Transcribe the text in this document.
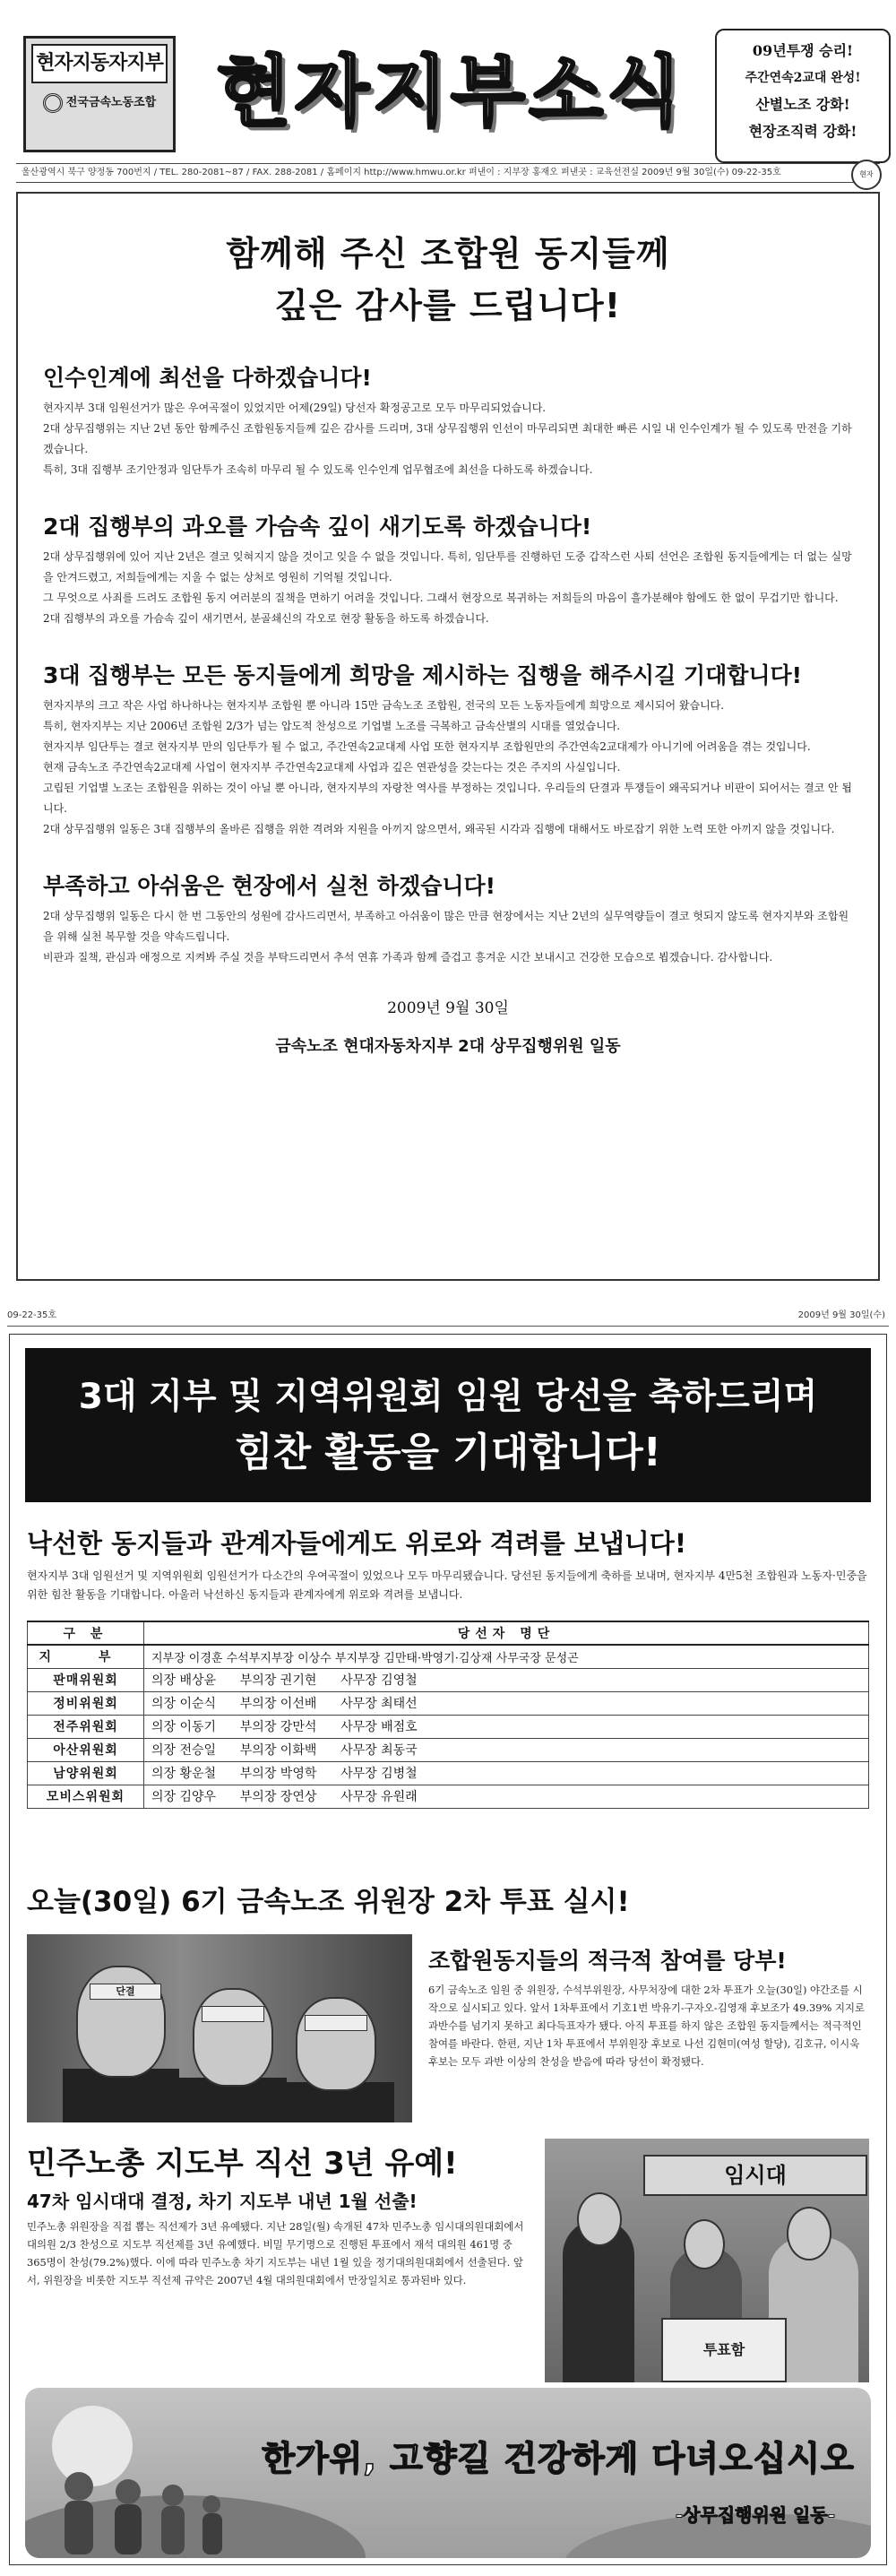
현자지동자지부
전국금속노동조합 현자지부소식	09년투쟁 승리!
주간연속2교대 완성!
산별노조 강화!
현장조직력 강화!
울산광역시 북구 양정동 700번지 / TEL. 280-2081~87 / FAX. 288-2081 / 홈페이지 http://www.hmwu.or.kr 펴낸이 : 지부장 홍재오 펴낸곳 : 교육선전실 2009년 9월 30일(수) 09-22-35호	현자
함께해 주신 조합원 동지들께
깊은 감사를 드립니다!
인수인계에 최선을 다하겠습니다!

현자지부 3대 임원선거가 많은 우여곡절이 있었지만 어제(29일) 당선자 확정공고로 모두 마무리되었습니다.

2대 상무집행위는 지난 2년 동안 함께주신 조합원동지들께 깊은 감사를 드리며, 3대 상무집행위 인선이 마무리되면 최대한 빠른 시일 내 인수인계가 될 수 있도록 만전을 기하겠습니다.

특히, 3대 집행부 조기안정과 임단투가 조속히 마무리 될 수 있도록 인수인계 업무협조에 최선을 다하도록 하겠습니다.

2대 집행부의 과오를 가슴속 깊이 새기도록 하겠습니다!

2대 상무집행위에 있어 지난 2년은 결코 잊혀지지 않을 것이고 잊을 수 없을 것입니다. 특히, 임단투를 진행하던 도중 갑작스런 사퇴 선언은 조합원 동지들에게는 더 없는 실망을 안겨드렸고, 저희들에게는 지울 수 없는 상처로 영원히 기억될 것입니다.

그 무엇으로 사죄를 드려도 조합원 동지 여러분의 질책을 면하기 어려울 것입니다. 그래서 현장으로 복귀하는 저희들의 마음이 흘가분해야 함에도 한 없이 무겁기만 합니다.

2대 집행부의 과오를 가슴속 깊이 새기면서, 분골쇄신의 각오로 현장 활동을 하도록 하겠습니다.

3대 집행부는 모든 동지들에게 희망을 제시하는 집행을 해주시길 기대합니다!

현자지부의 크고 작은 사업 하나하나는 현자지부 조합원 뿐 아니라 15만 금속노조 조합원, 전국의 모든 노동자들에게 희망으로 제시되어 왔습니다.

특히, 현자지부는 지난 2006년 조합원 2/3가 넘는 압도적 찬성으로 기업별 노조를 극복하고 금속산별의 시대를 열었습니다.

현자지부 임단투는 결코 현자지부 만의 임단투가 될 수 없고, 주간연속2교대제 사업 또한 현자지부 조합원만의 주간연속2교대제가 아니기에 어려움을 겪는 것입니다.

현재 금속노조 주간연속2교대제 사업이 현자지부 주간연속2교대제 사업과 깊은 연관성을 갖는다는 것은 주지의 사실입니다.

고립된 기업별 노조는 조합원을 위하는 것이 아닐 뿐 아니라, 현자지부의 자랑찬 역사를 부정하는 것입니다. 우리들의 단결과 투쟁들이 왜곡되거나 비판이 되어서는 결코 안 됩니다.

2대 상무집행위 일동은 3대 집행부의 올바른 집행을 위한 격려와 지원을 아끼지 않으면서, 왜곡된 시각과 집행에 대해서도 바로잡기 위한 노력 또한 아끼지 않을 것입니다.

부족하고 아쉬움은 현장에서 실천 하겠습니다!

2대 상무집행위 일동은 다시 한 번 그동안의 성원에 감사드리면서, 부족하고 아쉬움이 많은 만큼 현장에서는 지난 2년의 실무역량들이 결코 헛되지 않도록 현자지부와 조합원을 위해 실천 복무할 것을 약속드립니다.

비판과 질책, 관심과 애정으로 지켜봐 주실 것을 부탁드리면서 추석 연휴 가족과 함께 즐겁고 흥겨운 시간 보내시고 건강한 모습으로 뵙겠습니다. 감사합니다.

2009년 9월 30일
금속노조 현대자동차지부 2대 상무집행위원 일동
09-22-35호	2009년 9월 30일(수)
3대 지부 및 지역위원회 임원 당선을 축하드리며
힘찬 활동을 기대합니다!
낙선한 동지들과 관계자들에게도 위로와 격려를 보냅니다!
현자지부 3대 임원선거 및 지역위원회 임원선거가 다소간의 우여곡절이 있었으나 모두 마무리됐습니다. 당선된 동지들에게 축하를 보내며, 현자지부 4만5천 조합원과 노동자·민중을 위한 힘찬 활동을 기대합니다. 아울러 낙선하신 동지들과 관계자에게 위로와 격려를 보냅니다.
구 분	당선자 명단
지 부	지부장 이경훈 수석부지부장 이상수 부지부장 김만태·박영기·김상재 사무국장 문성곤
판매위원회	의장 배상윤      부의장 권기현      사무장 김영철
정비위원회	의장 이순식      부의장 이선배      사무장 최태선
전주위원회	의장 이동기      부의장 강만석      사무장 배점호
아산위원회	의장 전승일      부의장 이화백      사무장 최동국
남양위원회	의장 황운철      부의장 박영학      사무장 김병철
모비스위원회	의장 김양우      부의장 장연상      사무장 유원래
오늘(30일) 6기 금속노조 위원장 2차 투표 실시!
단결
조합원동지들의 적극적 참여를 당부!
6기 금속노조 임원 중 위원장, 수석부위원장, 사무처장에 대한 2차 투표가 오늘(30일) 야간조를 시작으로 실시되고 있다. 앞서 1차투표에서 기호1번 박유기-구자오-김영재 후보조가 49.39% 지지로 과반수를 넘기지 못하고 최다득표자가 됐다. 아직 투표를 하지 않은 조합원 동지들께서는 적극적인 참여를 바란다. 한편, 지난 1차 투표에서 부위원장 후보로 나선 김현미(여성 할당), 김호규, 이시욱 후보는 모두 과반 이상의 찬성을 받음에 따라 당선이 확정됐다.
민주노총 지도부 직선 3년 유예!
47차 임시대대 결정, 차기 지도부 내년 1월 선출!
민주노총 위원장을 직접 뽑는 직선제가 3년 유예됐다. 지난 28일(월) 속개된 47차 민주노총 임시대의원대회에서 대의원 2/3 찬성으로 지도부 직선제를 3년 유예했다. 비밀 무기명으로 진행된 투표에서 재석 대의원 461명 중 365명이 찬성(79.2%)했다. 이에 따라 민주노총 차기 지도부는 내년 1월 있을 정기대의원대회에서 선출된다. 앞서, 위원장을 비롯한 지도부 직선제 규약은 2007년 4월 대의원대회에서 만장일치로 통과된바 있다.
임시대
투표함
한가위, 고향길 건강하게 다녀오십시오
-상무집행위원 일동-
